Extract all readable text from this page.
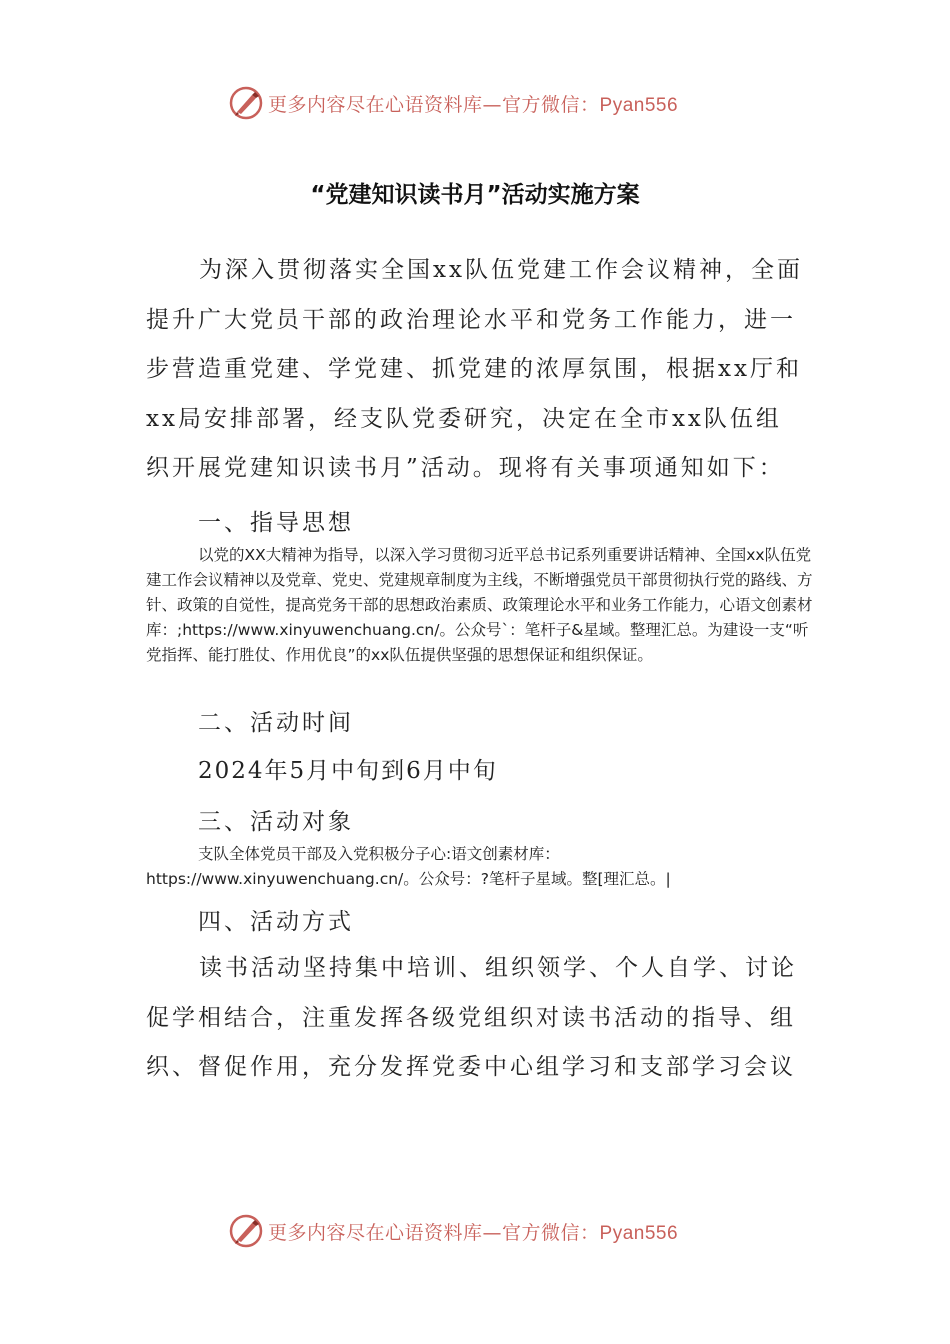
更多内容尽在心语资料库—官方微信：Pyan556
“党建知识读书月”活动实施方案

为深入贯彻落实全国xx队伍党建工作会议精神，全面提升广大党员干部的政治理论水平和党务工作能力，进一步营造重党建、学党建、抓党建的浓厚氛围，根据xx厅和xx局安排部署，经支队党委研究，决定在全市xx队伍组织开展党建知识读书月”活动。现将有关事项通知如下：

一、指导思想

以党的XX大精神为指导，以深入学习贯彻习近平总书记系列重要讲话精神、全国xx队伍党建工作会议精神以及党章、党史、党建规章制度为主线，不断增强党员干部贯彻执行党的路线、方针、政策的自觉性，提高党务干部的思想政治素质、政策理论水平和业务工作能力，心语文创素材库：;https://www.xinyuwenchuang.cn/。公众号`：笔杆子&星域。整理汇总。为建设一支“听党指挥、能打胜仗、作用优良”的xx队伍提供坚强的思想保证和组织保证。

二、活动时间

2024年5月中旬到6月中旬

三、活动对象

支队全体党员干部及入党积极分子心:语文创素材库：https://www.xinyuwenchuang.cn/。公众号：?笔杆子星域。整[理汇总。|

四、活动方式

读书活动坚持集中培训、组织领学、个人自学、讨论促学相结合，注重发挥各级党组织对读书活动的指导、组织、督促作用，充分发挥党委中心组学习和支部学习会议

更多内容尽在心语资料库—官方微信：Pyan556
